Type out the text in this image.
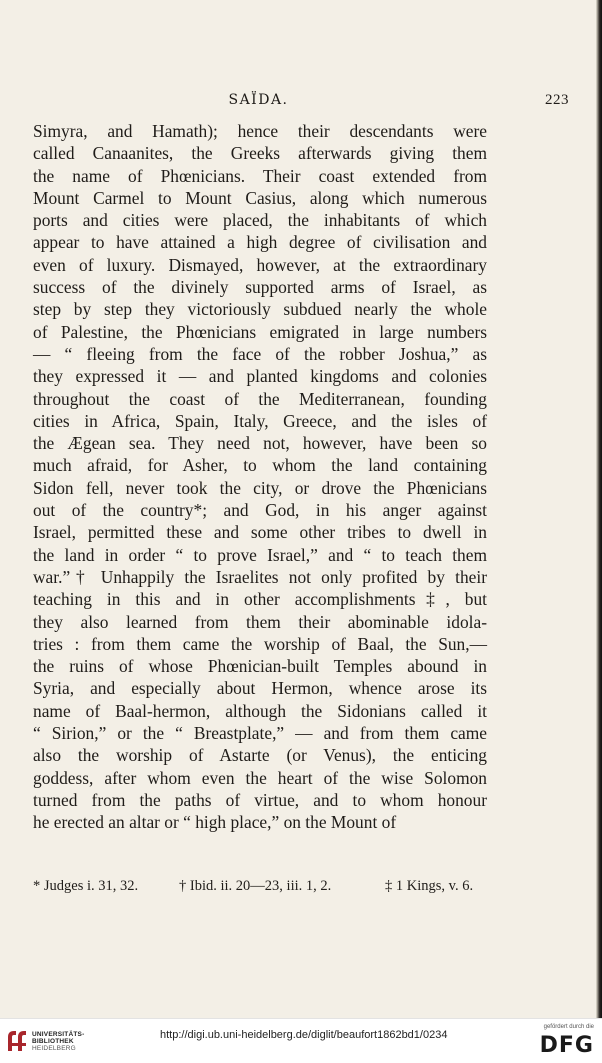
SAÏDA.	223
Simyra, and Hamath); hence their descendants were
called Canaanites, the Greeks afterwards giving them
the name of Phœnicians. Their coast extended from
Mount Carmel to Mount Casius, along which numerous
ports and cities were placed, the inhabitants of which
appear to have attained a high degree of civilisation and
even of luxury. Dismayed, however, at the extraordinary
success of the divinely supported arms of Israel, as
step by step they victoriously subdued nearly the whole
of Palestine, the Phœnicians emigrated in large numbers
— “ fleeing from the face of the robber Joshua,” as
they expressed it — and planted kingdoms and colonies
throughout the coast of the Mediterranean, founding
cities in Africa, Spain, Italy, Greece, and the isles of
the Ægean sea. They need not, however, have been so
much afraid, for Asher, to whom the land containing
Sidon fell, never took the city, or drove the Phœnicians
out of the country*; and God, in his anger against
Israel, permitted these and some other tribes to dwell in
the land in order “ to prove Israel,” and “ to teach them
war.”† Unhappily the Israelites not only profited by their
teaching in this and in other accomplishments‡, but
they also learned from them their abominable idola-
tries : from them came the worship of Baal, the Sun,—
the ruins of whose Phœnician-built Temples abound in
Syria, and especially about Hermon, whence arose its
name of Baal-hermon, although the Sidonians called it
“ Sirion,” or the “ Breastplate,” — and from them came
also the worship of Astarte (or Venus), the enticing
goddess, after whom even the heart of the wise Solomon
turned from the paths of virtue, and to whom honour
he erected an altar or “ high place,” on the Mount of
* Judges i. 31, 32.	† Ibid. ii. 20—23, iii. 1, 2.	‡ 1 Kings, v. 6.
UNIVERSITÄTS-
BIBLIOTHEK
HEIDELBERG
http://digi.ub.uni-heidelberg.de/diglit/beaufort1862bd1/0234
gefördert durch die
DFG
